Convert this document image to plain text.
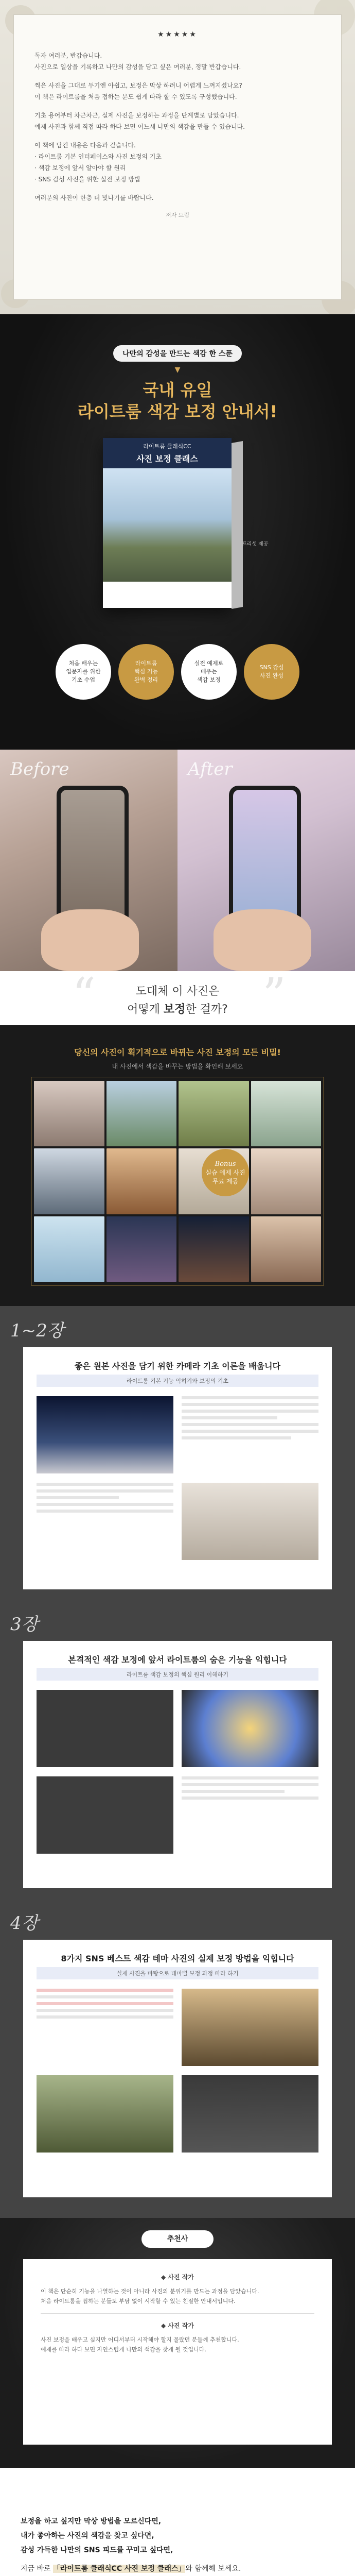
★★★★★

독자 여러분, 반갑습니다.
사진으로 일상을 기록하고 나만의 감성을 담고 싶은 여러분, 정말 반갑습니다.

찍은 사진을 그대로 두기엔 아쉽고, 보정은 막상 하려니 어렵게 느껴지셨나요?
이 책은 라이트룸을 처음 접하는 분도 쉽게 따라 할 수 있도록 구성했습니다.

기초 용어부터 차근차근, 실제 사진을 보정하는 과정을 단계별로 담았습니다.
예제 사진과 함께 직접 따라 하다 보면 어느새 나만의 색감을 만들 수 있습니다.

이 책에 담긴 내용은 다음과 같습니다.
· 라이트룸 기본 인터페이스와 사진 보정의 기초
· 색감 보정에 앞서 알아야 할 원리
· SNS 감성 사진을 위한 실전 보정 방법

여러분의 사진이 한층 더 빛나기를 바랍니다.

저자 드림
나만의 감성을 만드는 색감 한 스푼
▼
국내 유일
라이트룸 색감 보정 안내서!
라이트룸 클래식CC
사진 보정 클래스
프리셋 제공
처음 배우는
입문자를 위한
기초 수업
라이트룸
핵심 기능
완벽 정리
실전 예제로
배우는
색감 보정
SNS 감성
사진 완성
Before	After
“	”
도대체 이 사진은
어떻게 보정한 걸까?
당신의 사진이 획기적으로 바뀌는 사진 보정의 모든 비밀!
내 사진에서 색감을 바꾸는 방법을 확인해 보세요
Bonus
실습 예제 사진
무료 제공
1~2장
좋은 원본 사진을 담기 위한 카메라 기초 이론을 배웁니다
라이트룸 기본 기능 익히기와 보정의 기초
3장
본격적인 색감 보정에 앞서 라이트룸의 숨은 기능을 익힙니다
라이트룸 색감 보정의 핵심 원리 이해하기
4장
8가지 SNS 베스트 색감 테마 사진의 실제 보정 방법을 익힙니다
실제 사진을 바탕으로 테마별 보정 과정 따라 하기
추천사
◆ 사진 작가

이 책은 단순히 기능을 나열하는 것이 아니라 사진의 분위기를 만드는 과정을 담았습니다.
처음 라이트룸을 접하는 분들도 부담 없이 시작할 수 있는 친절한 안내서입니다.

◆ 사진 작가

사진 보정을 배우고 싶지만 어디서부터 시작해야 할지 몰랐던 분들께 추천합니다.
예제를 따라 하다 보면 자연스럽게 나만의 색감을 찾게 될 것입니다.

보정을 하고 싶지만 막상 방법을 모르신다면,
내가 좋아하는 사진의 색감을 찾고 싶다면,
감성 가득한 나만의 SNS 피드를 꾸미고 싶다면,
지금 바로 「라이트룸 클래식CC 사진 보정 클래스」와 함께해 보세요.
